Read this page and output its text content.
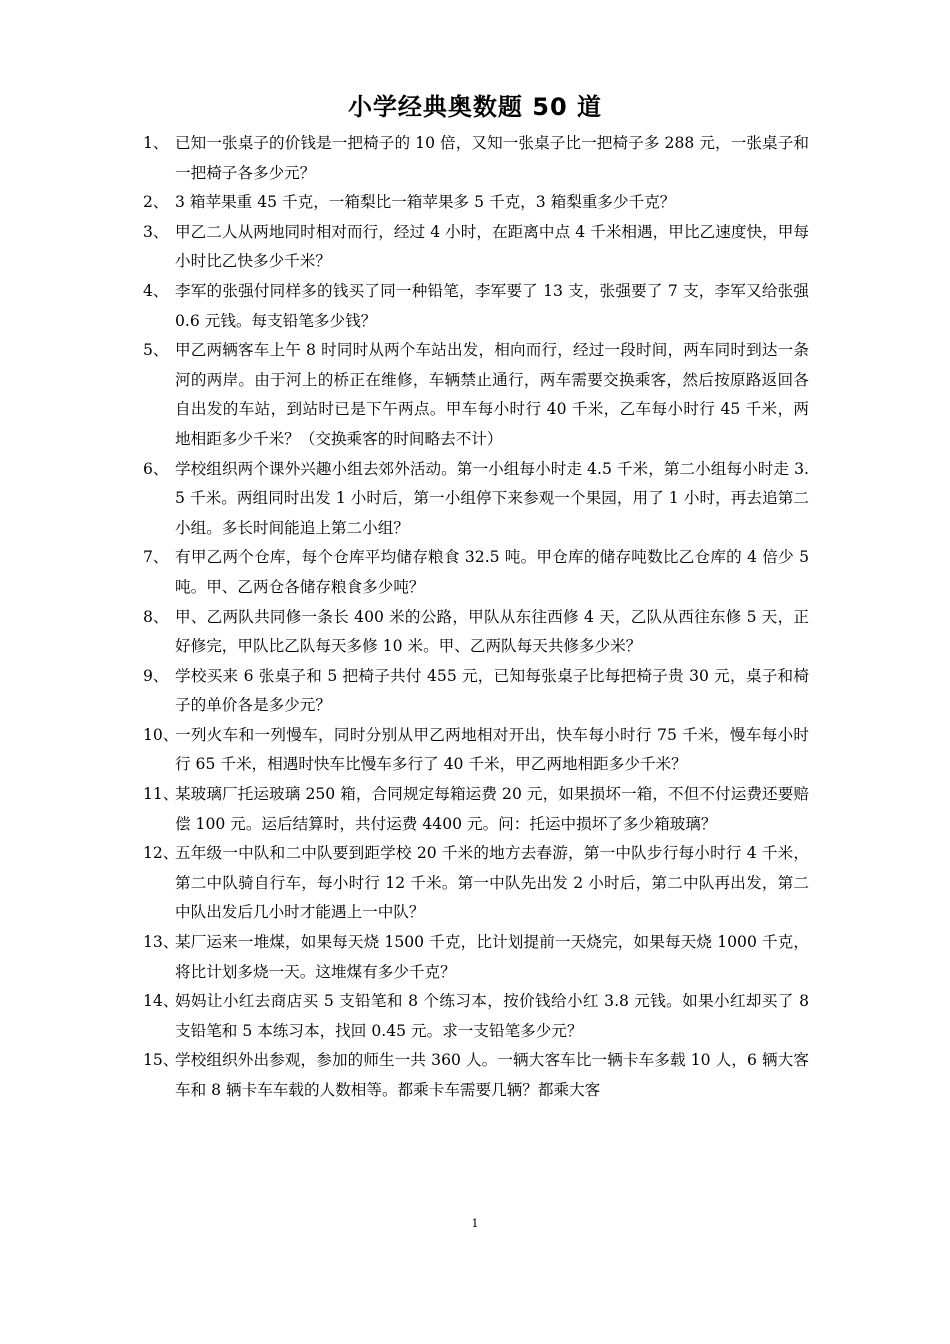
小学经典奥数题 50 道

1、 已知一张桌子的价钱是一把椅子的 10 倍，又知一张桌子比一把椅子多 288 元，一张桌子和一把椅子各多少元？

2、 3 箱苹果重 45 千克，一箱梨比一箱苹果多 5 千克，3 箱梨重多少千克？

3、 甲乙二人从两地同时相对而行，经过 4 小时，在距离中点 4 千米相遇，甲比乙速度快，甲每小时比乙快多少千米？

4、 李军的张强付同样多的钱买了同一种铅笔，李军要了 13 支，张强要了 7 支，李军又给张强 0.6 元钱。每支铅笔多少钱？

5、 甲乙两辆客车上午 8 时同时从两个车站出发，相向而行，经过一段时间，两车同时到达一条河的两岸。由于河上的桥正在维修，车辆禁止通行，两车需要交换乘客，然后按原路返回各自出发的车站，到站时已是下午两点。甲车每小时行 40 千米，乙车每小时行 45 千米，两地相距多少千米？（交换乘客的时间略去不计）

6、 学校组织两个课外兴趣小组去郊外活动。第一小组每小时走 4.5 千米，第二小组每小时走 3.5 千米。两组同时出发 1 小时后，第一小组停下来参观一个果园，用了 1 小时，再去追第二小组。多长时间能追上第二小组？

7、 有甲乙两个仓库，每个仓库平均储存粮食 32.5 吨。甲仓库的储存吨数比乙仓库的 4 倍少 5 吨。甲、乙两仓各储存粮食多少吨？

8、 甲、乙两队共同修一条长 400 米的公路，甲队从东往西修 4 天，乙队从西往东修 5 天，正好修完，甲队比乙队每天多修 10 米。甲、乙两队每天共修多少米？

9、 学校买来 6 张桌子和 5 把椅子共付 455 元，已知每张桌子比每把椅子贵 30 元，桌子和椅子的单价各是多少元？

10、
一列火车和一列慢车，同时分别从甲乙两地相对开出，快车每小时行 75 千米，慢车每小时行 65 千米，相遇时快车比慢车多行了 40 千米，甲乙两地相距多少千米？

11、
某玻璃厂托运玻璃 250 箱，合同规定每箱运费 20 元，如果损坏一箱，不但不付运费还要赔偿 100 元。运后结算时，共付运费 4400 元。问：托运中损坏了多少箱玻璃？

12、
五年级一中队和二中队要到距学校 20 千米的地方去春游，第一中队步行每小时行 4 千米，第二中队骑自行车，每小时行 12 千米。第一中队先出发 2 小时后，第二中队再出发，第二中队出发后几小时才能遇上一中队？

13、
某厂运来一堆煤，如果每天烧 1500 千克，比计划提前一天烧完，如果每天烧 1000 千克，将比计划多烧一天。这堆煤有多少千克？

14、
妈妈让小红去商店买 5 支铅笔和 8 个练习本，按价钱给小红 3.8 元钱。如果小红却买了 8 支铅笔和 5 本练习本，找回 0.45 元。求一支铅笔多少元？

15、
学校组织外出参观，参加的师生一共 360 人。一辆大客车比一辆卡车多载 10 人，6 辆大客车和 8 辆卡车车载的人数相等。都乘卡车需要几辆？都乘大客

1
